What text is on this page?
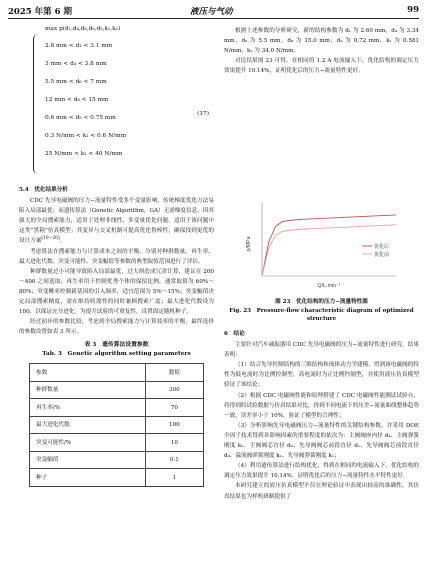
2025 年第 6 期	液压与气动	99
max p(d₁,d₄,d₆,d₈,d₉,k₁,k₂)
2.8 mm < d₁ < 3.1 mm
3 mm < d₄ < 3.8 mm
5.5 mm < d₆ < 7 mm
12 mm < d₈ < 15 mm
0.6 mm < d₉ < 0.75 mm
0.3 N/mm < k₁ < 0.6 N/mm
25 N/mm < k₂ < 40 N/mm
(17)
5.4　优化结果分析

CDC 先导电磁阀的压力−流量特性受多个变量影响，传统梯度优化方法易陷入局部最优；而遗传算法（Genetic Algorithm，GA）无需梯度信息，因其强大的全局搜索能力，适用于处理非线性、多变量优化问题，适用于该问题中这类“黑箱”仿真模型；其变异与交叉机制可提高优化鲁棒性，确保找到更优的设计方案[19−20]。

考虑算法在搜索能力与计算成本之间的平衡，分别对种群数量、再生率、最大进化代数、突变可能性、突变幅值等参数的典型取值范围进行了评估。

种群数量过小可能导致陷入局部最优，过大则造成冗余计算，建议在 200～400 之间选取；再生率用于控制优秀个体的保留比例，通常取值为 60%～80%；突变概率控制新基因的引入频率，适宜范围为 5%～15%；突变幅值决定局部搜索精度，需在维持收敛性的同时兼顾搜索广度；最大进化代数设为 100，以保证充分进化。为提升试验的可重复性，设置固定随机种子。

经过初步的参数比较，考虑到全局搜索能力与计算效率的平衡，最终选择的参数设置如表 3 所示。

表 3　遗传算法设置参数
Tab. 3　Genetic algorithm setting parameters
参数	数值
种群数量	300
再生率/%	70
最大进化代数	100
突变可能性/%	10
突变幅值	0.1
种子	1

根据上述参数的分析研究，新的结构参数为 d₁ 为 2.60 mm，d₄ 为 3.34 mm，d₆ 为 5.5 mm，d₈ 为 15.0 mm，d₉ 为 0.72 mm，k₁ 为 0.581 N/mm，k₂ 为 34.0 N/mm。

对比结果图 23 可得，在相同的 1.2 A 电流输入下，优化结构的调定压力效果提升 10.14%，证明优化后的压力−流量特性更好。

p/MPa
Q/L·min⁻¹
优化后
优化前
图 23　优化结构的压力−流量特性图
Fig. 23　Pressure-flow characteristic diagram of optimized structure
6　结论

主要针对汽车减振器用 CDC 先导电磁阀的压力−流量特性进行研究，结果表明：

（1）结合先导控制结构的三维结构和流体动力学建模，得到该电磁阀的特性为低电流时为比例控制型，高电流时为正比例控制型，并使用液压仿真模型验证了该结论；

（2）根据 CDC 电磁阀性能和原理搭建了 CDC 电磁阀性能测试试验台，将得到的试验数据与仿真结果对比，得到不同电流下的压差−流量曲线整体趋势一致，误差率小于 10%，验证了模型的合理性；

（3）分析影响先导电磁阀压力−流量特性的关键结构参数，并采用 DOE 全因子技术得到各影响因素的重要程度的依次为：主阀阀座内径 d₄、主阀弹簧刚度 k₂、主阀阀芯直径 d₆、先导阀阀芯前段直径 d₁、先导阀阀芯前段直径 d₉、溢流阀弹簧刚度 k₁、先导阀弹簧刚度 k₁；

（4）利用遗传算法进行结构优化，得到在相同的电流输入下，优化结构的调定压力效果提升 10.14%，证明优化后的压力−流量特性水平特性更好。

本研究建立的液压仿真模型不仅在理论验证中表现出较高的准确性，其仿真结果也为样机研制提供了
